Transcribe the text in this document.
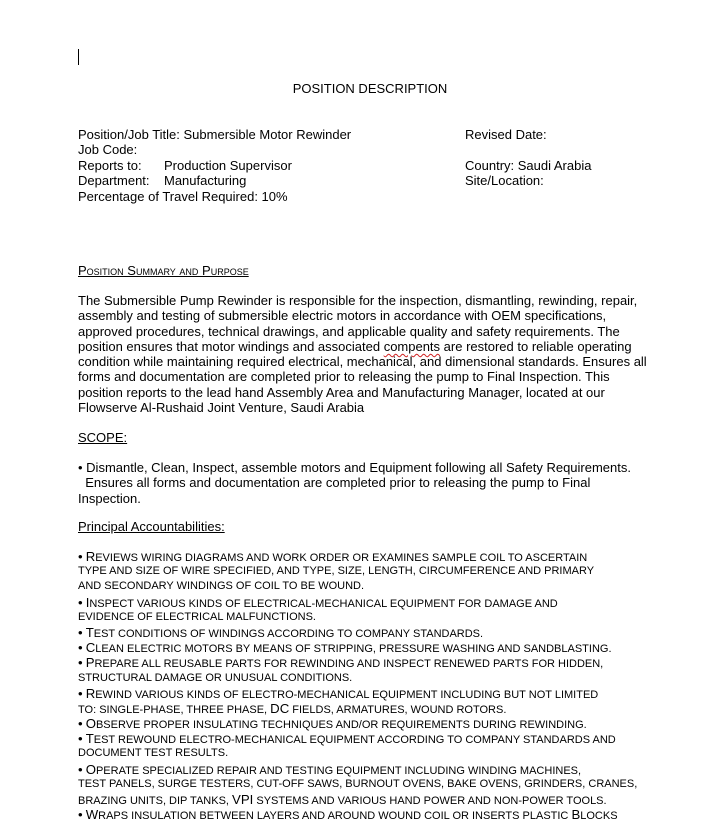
POSITION DESCRIPTION
Position/Job Title: Submersible Motor Rewinder	Revised Date:
Job Code:
Reports to: Production Supervisor	Country: Saudi Arabia
Department: Manufacturing	Site/Location:
Percentage of Travel Required: 10%
Position Summary and Purpose
The Submersible Pump Rewinder is responsible for the inspection, dismantling, rewinding, repair, assembly and testing of submersible electric motors in accordance with OEM specifications, approved procedures, technical drawings, and applicable quality and safety requirements. The position ensures that motor windings and associated compents are restored to reliable operating condition while maintaining required electrical, mechanical, and dimensional standards. Ensures all forms and documentation are completed prior to releasing the pump to Final Inspection. This position reports to the lead hand Assembly Area and Manufacturing Manager, located at our Flowserve Al-Rushaid Joint Venture, Saudi Arabia
SCOPE:
• Dismantle, Clean, Inspect, assemble motors and Equipment following all Safety Requirements.
Ensures all forms and documentation are completed prior to releasing the pump to Final Inspection.
Principal Accountabilities:
• REVIEWS WIRING DIAGRAMS AND WORK ORDER OR EXAMINES SAMPLE COIL TO ASCERTAIN
TYPE AND SIZE OF WIRE SPECIFIED, AND TYPE, SIZE, LENGTH, CIRCUMFERENCE AND PRIMARY
AND SECONDARY WINDINGS OF COIL TO BE WOUND.
• INSPECT VARIOUS KINDS OF ELECTRICAL-MECHANICAL EQUIPMENT FOR DAMAGE AND
EVIDENCE OF ELECTRICAL MALFUNCTIONS.
• TEST CONDITIONS OF WINDINGS ACCORDING TO COMPANY STANDARDS.
• CLEAN ELECTRIC MOTORS BY MEANS OF STRIPPING, PRESSURE WASHING AND SANDBLASTING.
• PREPARE ALL REUSABLE PARTS FOR REWINDING AND INSPECT RENEWED PARTS FOR HIDDEN,
STRUCTURAL DAMAGE OR UNUSUAL CONDITIONS.
• REWIND VARIOUS KINDS OF ELECTRO-MECHANICAL EQUIPMENT INCLUDING BUT NOT LIMITED
TO: SINGLE-PHASE, THREE PHASE, DC FIELDS, ARMATURES, WOUND ROTORS.
• OBSERVE PROPER INSULATING TECHNIQUES AND/OR REQUIREMENTS DURING REWINDING.
• TEST REWOUND ELECTRO-MECHANICAL EQUIPMENT ACCORDING TO COMPANY STANDARDS AND
DOCUMENT TEST RESULTS.
• OPERATE SPECIALIZED REPAIR AND TESTING EQUIPMENT INCLUDING WINDING MACHINES,
TEST PANELS, SURGE TESTERS, CUT-OFF SAWS, BURNOUT OVENS, BAKE OVENS, GRINDERS, CRANES,
BRAZING UNITS, DIP TANKS, VPI SYSTEMS AND VARIOUS HAND POWER AND NON-POWER TOOLS.
• WRAPS INSULATION BETWEEN LAYERS AND AROUND WOUND COIL OR INSERTS PLASTIC BLOCKS
